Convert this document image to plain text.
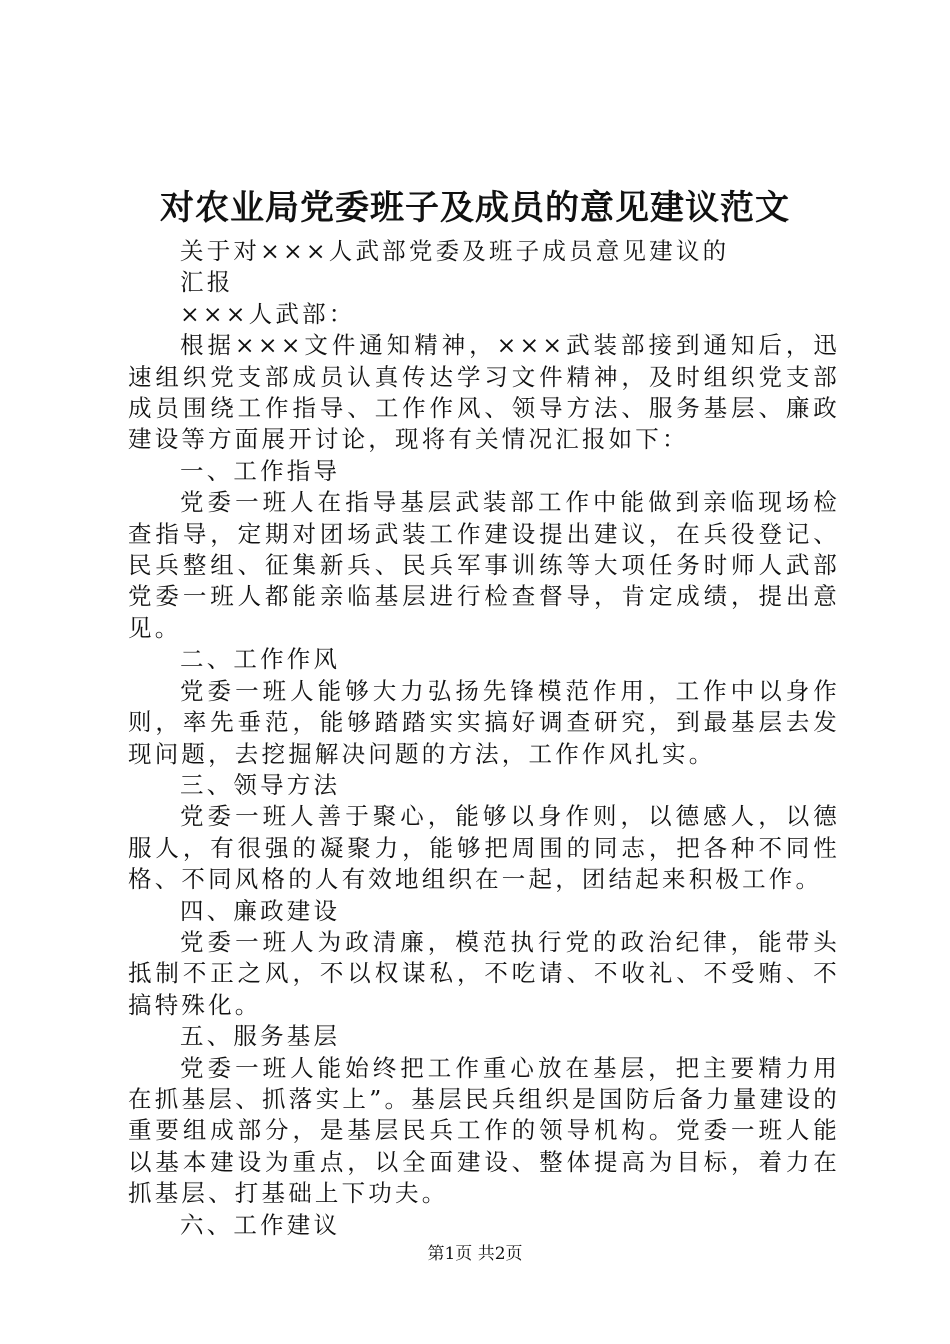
对农业局党委班子及成员的意见建议范文

关于对×××人武部党委及班子成员意见建议的

汇报

×××人武部：

根据×××文件通知精神，×××武装部接到通知后，迅速组织党支部成员认真传达学习文件精神，及时组织党支部成员围绕工作指导、工作作风、领导方法、服务基层、廉政建设等方面展开讨论，现将有关情况汇报如下：

一、工作指导

党委一班人在指导基层武装部工作中能做到亲临现场检查指导，定期对团场武装工作建设提出建议，在兵役登记、民兵整组、征集新兵、民兵军事训练等大项任务时师人武部党委一班人都能亲临基层进行检查督导，肯定成绩，提出意见。

二、工作作风

党委一班人能够大力弘扬先锋模范作用，工作中以身作则，率先垂范，能够踏踏实实搞好调查研究，到最基层去发现问题，去挖掘解决问题的方法，工作作风扎实。

三、领导方法

党委一班人善于聚心，能够以身作则，以德感人，以德服人，有很强的凝聚力，能够把周围的同志，把各种不同性格、不同风格的人有效地组织在一起，团结起来积极工作。

四、廉政建设

党委一班人为政清廉，模范执行党的政治纪律，能带头抵制不正之风，不以权谋私，不吃请、不收礼、不受贿、不搞特殊化。

五、服务基层

党委一班人能始终把工作重心放在基层，把主要精力用在抓基层、抓落实上”。基层民兵组织是国防后备力量建设的重要组成部分，是基层民兵工作的领导机构。党委一班人能以基本建设为重点，以全面建设、整体提高为目标，着力在抓基层、打基础上下功夫。

六、工作建议

第1页 共2页
